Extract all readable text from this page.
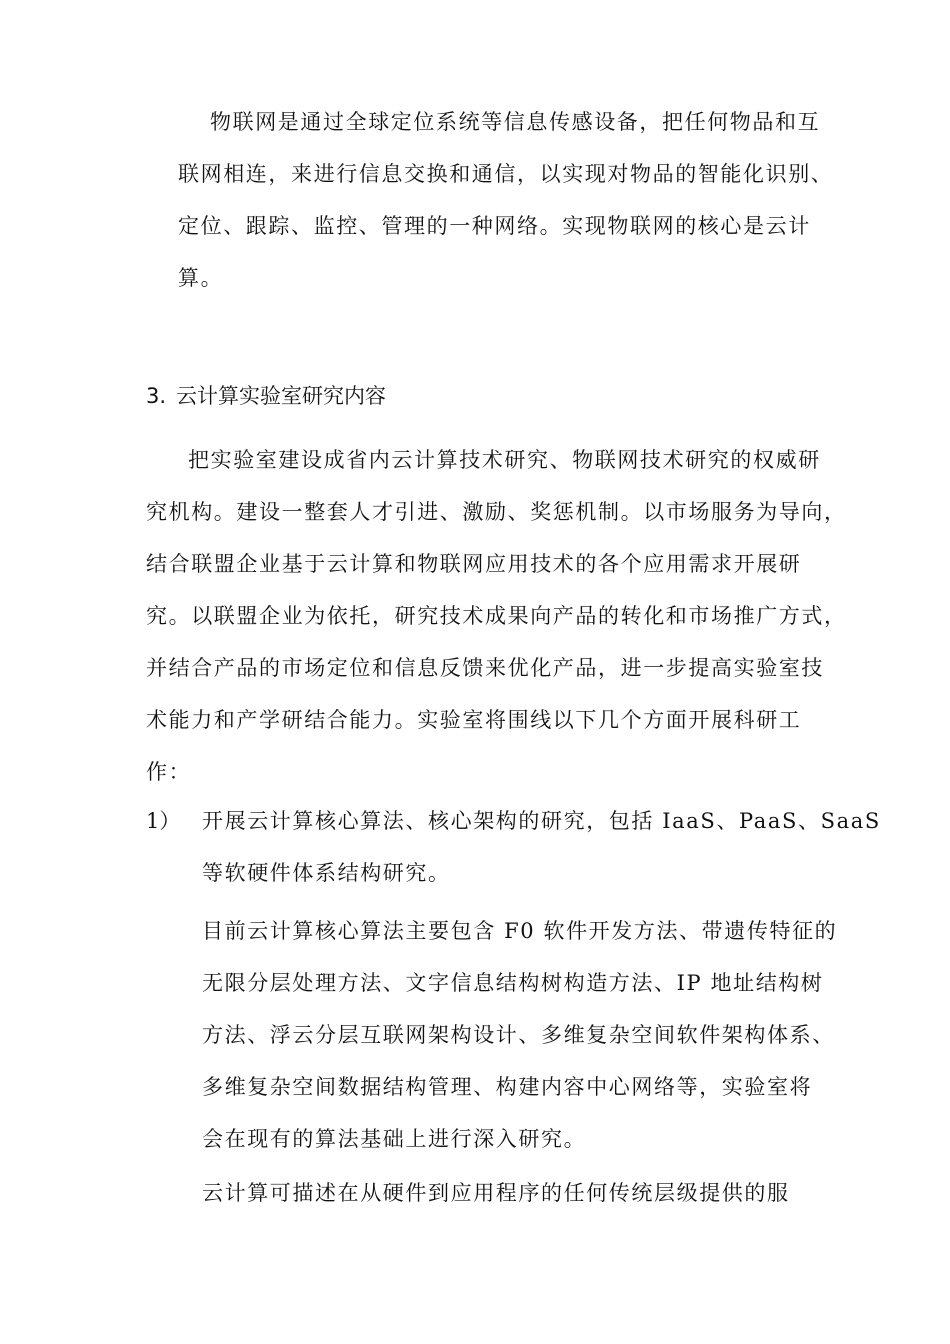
物联网是通过全球定位系统等信息传感设备，把任何物品和互
联网相连，来进行信息交换和通信，以实现对物品的智能化识别、
定位、跟踪、监控、管理的一种网络。实现物联网的核心是云计
算。

3. 云计算实验室研究内容

把实验室建设成省内云计算技术研究、物联网技术研究的权威研
究机构。建设一整套人才引进、激励、奖惩机制。以市场服务为导向，
结合联盟企业基于云计算和物联网应用技术的各个应用需求开展研
究。以联盟企业为依托，研究技术成果向产品的转化和市场推广方式，
并结合产品的市场定位和信息反馈来优化产品，进一步提高实验室技
术能力和产学研结合能力。实验室将围线以下几个方面开展科研工
作：

1） 开展云计算核心算法、核心架构的研究，包括 IaaS、PaaS、SaaS
等软硬件体系结构研究。

目前云计算核心算法主要包含 F0 软件开发方法、带遗传特征的
无限分层处理方法、文字信息结构树构造方法、IP 地址结构树
方法、浮云分层互联网架构设计、多维复杂空间软件架构体系、
多维复杂空间数据结构管理、构建内容中心网络等，实验室将
会在现有的算法基础上进行深入研究。

云计算可描述在从硬件到应用程序的任何传统层级提供的服
